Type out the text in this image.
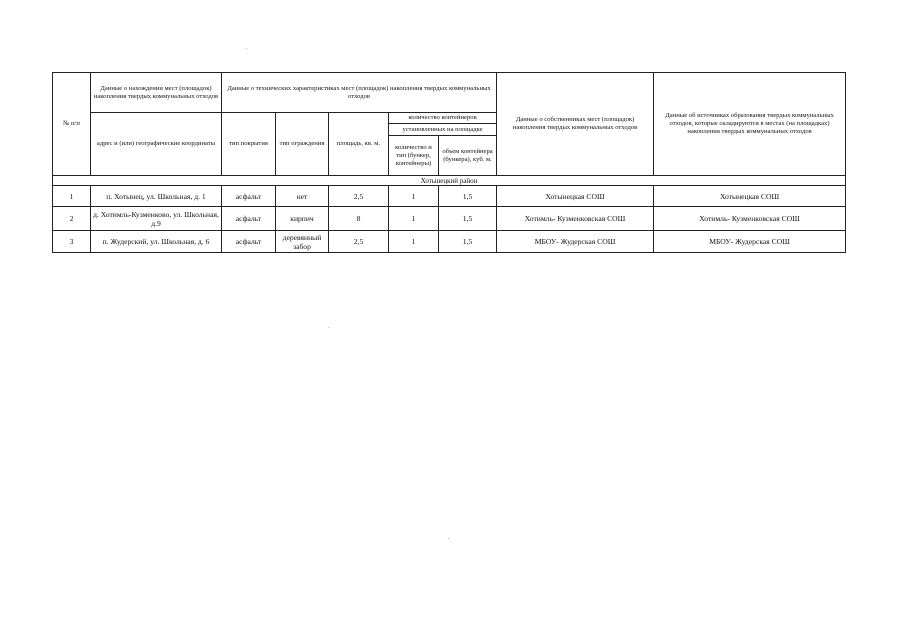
№ п/п	Данные о нахождении мест (площадок) накопления твердых коммунальных отходов	Данные о технических характеристиках мест (площадок) накопления твердых коммунальных отходов					Данные о собственниках мест (площадок) накопления твердых коммунальных отходов	Данные об источниках образования твердых коммунальных отходов, которые складируются в местах (на площадках) накопления твердых коммунальных отходов
	адрес и (или) географические координаты	тип покрытия	тип ограждения	площадь, кв. м.	количество контейнеров			
					установленных на площадке			
					количество и тип (бункер, контейнеры)	объем контейнера (бункера), куб. м.		

Хотынецкий район								
1	п. Хотынец, ул. Школьная, д. 1	асфальт	нет	2,5	1	1,5	Хотынецкая СОШ	Хотынецкая СОШ
2	д. Хотимль-Кузменково, ул. Школьная, д.9	асфальт	кирпич	8	1	1,5	Хотимль- Кузменковская СОШ	Хотимль- Кузменковская СОШ
3	п. Жудерский, ул. Школьная, д. 6	асфальт	деревянный забор	2,5	1	1,5	МБОУ- Жудерская СОШ	МБОУ- Жудерская СОШ
